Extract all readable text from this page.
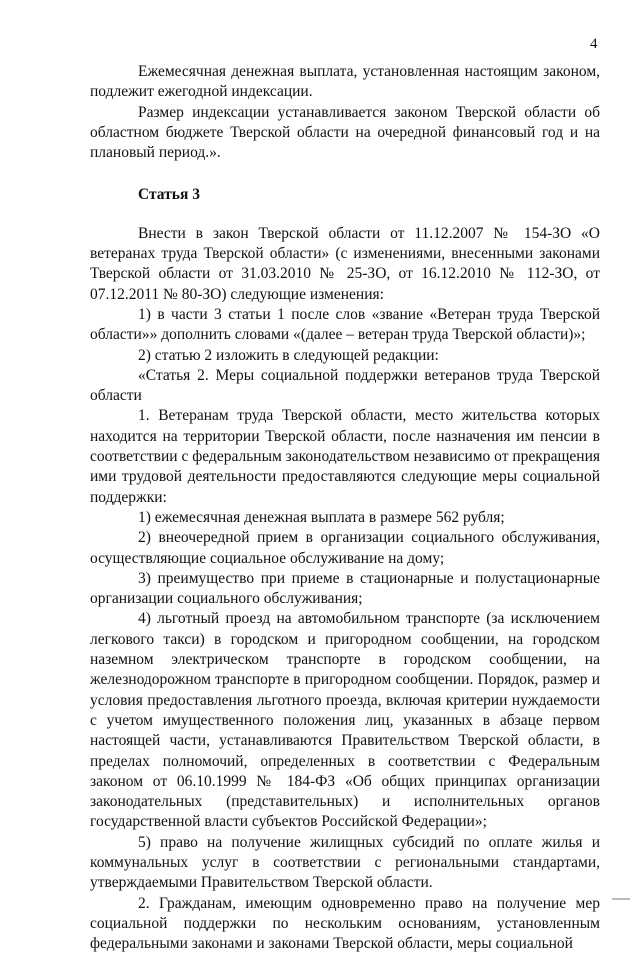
4

Ежемесячная денежная выплата, установленная настоящим законом, подлежит ежегодной индексации.

Размер индексации устанавливается законом Тверской области об областном бюджете Тверской области на очередной финансовый год и на плановый период.».

Статья 3

Внести в закон Тверской области от 11.12.2007 № 154-ЗО «О ветеранах труда Тверской области» (с изменениями, внесенными законами Тверской области от 31.03.2010 № 25-ЗО, от 16.12.2010 № 112-ЗО, от 07.12.2011 № 80-ЗО) следующие изменения:

1) в части 3 статьи 1 после слов «звание «Ветеран труда Тверской области»» дополнить словами «(далее – ветеран труда Тверской области)»;

2) статью 2 изложить в следующей редакции:

«Статья 2. Меры социальной поддержки ветеранов труда Тверской области

1. Ветеранам труда Тверской области, место жительства которых находится на территории Тверской области, после назначения им пенсии в соответствии с федеральным законодательством независимо от прекращения ими трудовой деятельности предоставляются следующие меры социальной поддержки:

1) ежемесячная денежная выплата в размере 562 рубля;

2) внеочередной прием в организации социального обслуживания, осуществляющие социальное обслуживание на дому;

3) преимущество при приеме в стационарные и полустационарные организации социального обслуживания;

4) льготный проезд на автомобильном транспорте (за исключением легкового такси) в городском и пригородном сообщении, на городском наземном электрическом транспорте в городском сообщении, на железнодорожном транспорте в пригородном сообщении. Порядок, размер и условия предоставления льготного проезда, включая критерии нуждаемости с учетом имущественного положения лиц, указанных в абзаце первом настоящей части, устанавливаются Правительством Тверской области, в пределах полномочий, определенных в соответствии с Федеральным законом от 06.10.1999 № 184-ФЗ «Об общих принципах организации законодательных (представительных) и исполнительных органов государственной власти субъектов Российской Федерации»;

5) право на получение жилищных субсидий по оплате жилья и коммунальных услуг в соответствии с региональными стандартами, утверждаемыми Правительством Тверской области.

2. Гражданам, имеющим одновременно право на получение мер социальной поддержки по нескольким основаниям, установленным федеральными законами и законами Тверской области, меры социальной
